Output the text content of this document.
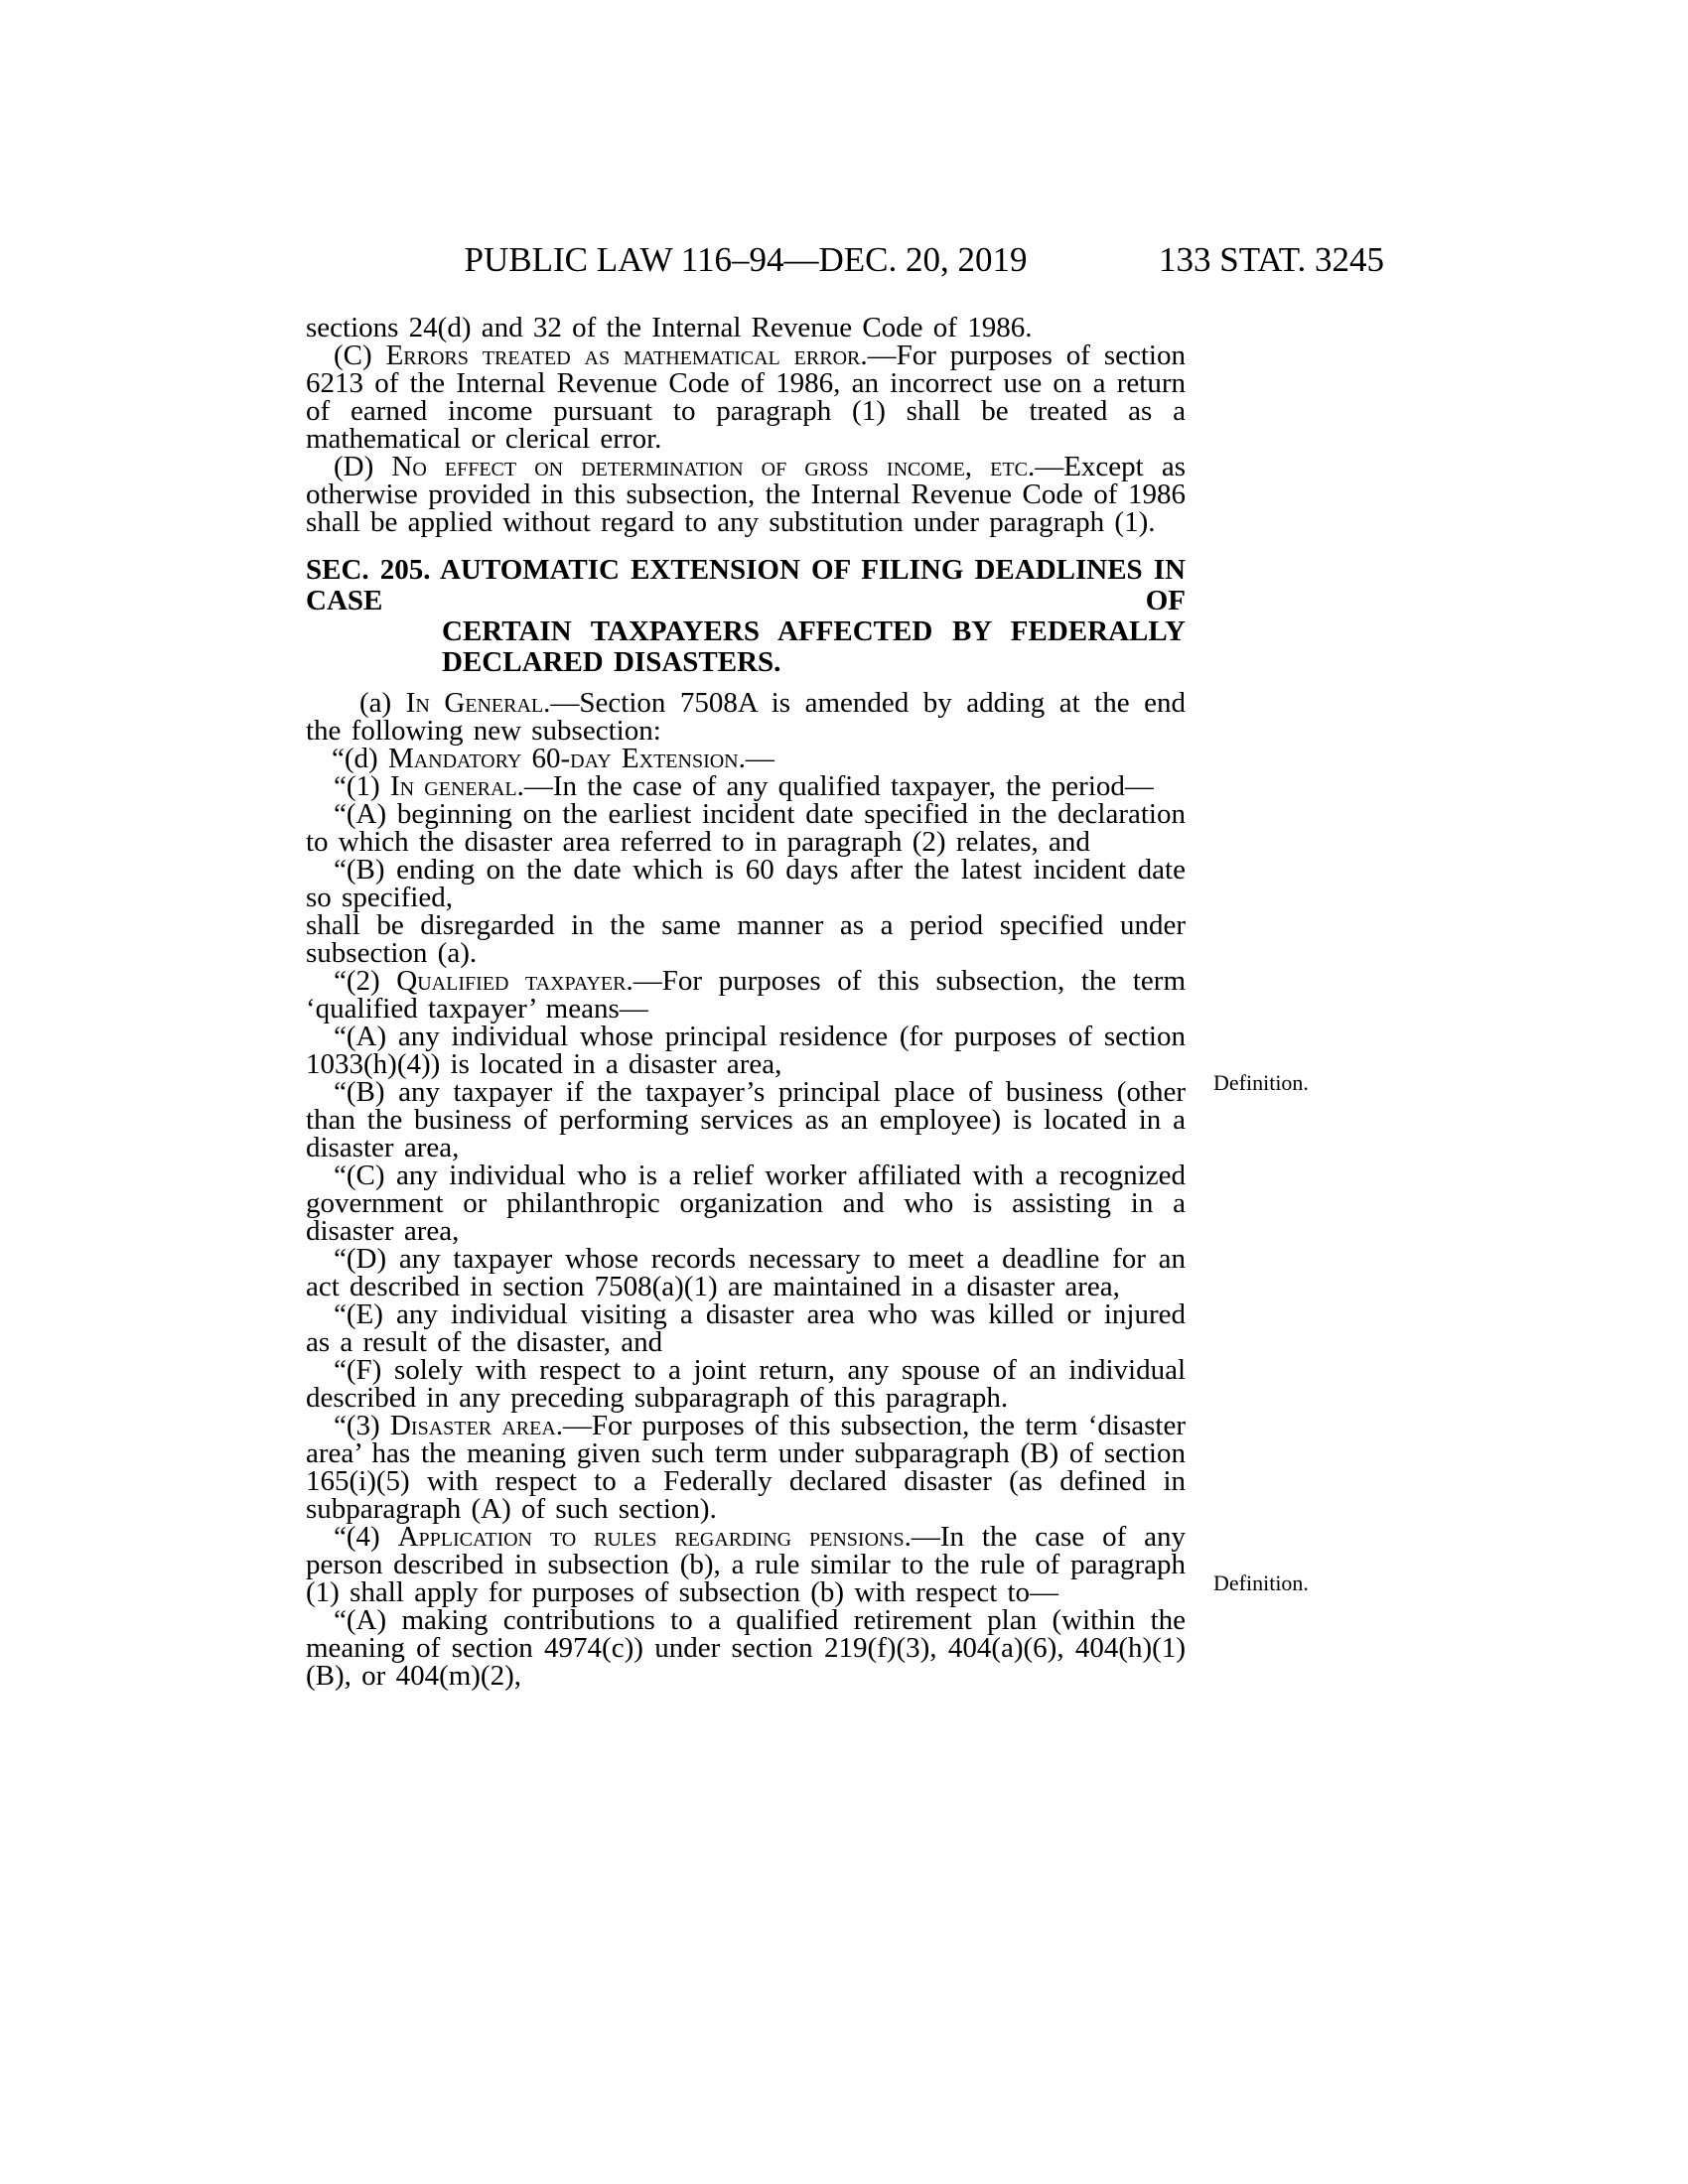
PUBLIC LAW 116–94—DEC. 20, 2019	133 STAT. 3245

sections 24(d) and 32 of the Internal Revenue Code of 1986.

(C) Errors treated as mathematical error.—For purposes of section 6213 of the Internal Revenue Code of 1986, an incorrect use on a return of earned income pursuant to paragraph (1) shall be treated as a mathematical or clerical error.

(D) No effect on determination of gross income, etc.—Except as otherwise provided in this subsection, the Internal Revenue Code of 1986 shall be applied without regard to any substitution under paragraph (1).

SEC. 205. AUTOMATIC EXTENSION OF FILING DEADLINES IN CASE OF
CERTAIN TAXPAYERS AFFECTED BY FEDERALLY
DECLARED DISASTERS.

(a) In General.—Section 7508A is amended by adding at the end the following new subsection:

“(d) Mandatory 60-day Extension.—

“(1) In general.—In the case of any qualified taxpayer, the period—

“(A) beginning on the earliest incident date specified in the declaration to which the disaster area referred to in paragraph (2) relates, and

“(B) ending on the date which is 60 days after the latest incident date so specified,

shall be disregarded in the same manner as a period specified under subsection (a).

“(2) Qualified taxpayer.—For purposes of this subsection, the term ‘qualified taxpayer’ means—

“(A) any individual whose principal residence (for purposes of section 1033(h)(4)) is located in a disaster area,

“(B) any taxpayer if the taxpayer’s principal place of business (other than the business of performing services as an employee) is located in a disaster area,

“(C) any individual who is a relief worker affiliated with a recognized government or philanthropic organization and who is assisting in a disaster area,

“(D) any taxpayer whose records necessary to meet a deadline for an act described in section 7508(a)(1) are maintained in a disaster area,

“(E) any individual visiting a disaster area who was killed or injured as a result of the disaster, and

“(F) solely with respect to a joint return, any spouse of an individual described in any preceding subparagraph of this paragraph.

“(3) Disaster area.—For purposes of this subsection, the term ‘disaster area’ has the meaning given such term under subparagraph (B) of section 165(i)(5) with respect to a Federally declared disaster (as defined in subparagraph (A) of such section).

“(4) Application to rules regarding pensions.—In the case of any person described in subsection (b), a rule similar to the rule of paragraph (1) shall apply for purposes of subsection (b) with respect to—

“(A) making contributions to a qualified retirement plan (within the meaning of section 4974(c)) under section 219(f)(3), 404(a)(6), 404(h)(1)(B), or 404(m)(2),

Definition.
Definition.
